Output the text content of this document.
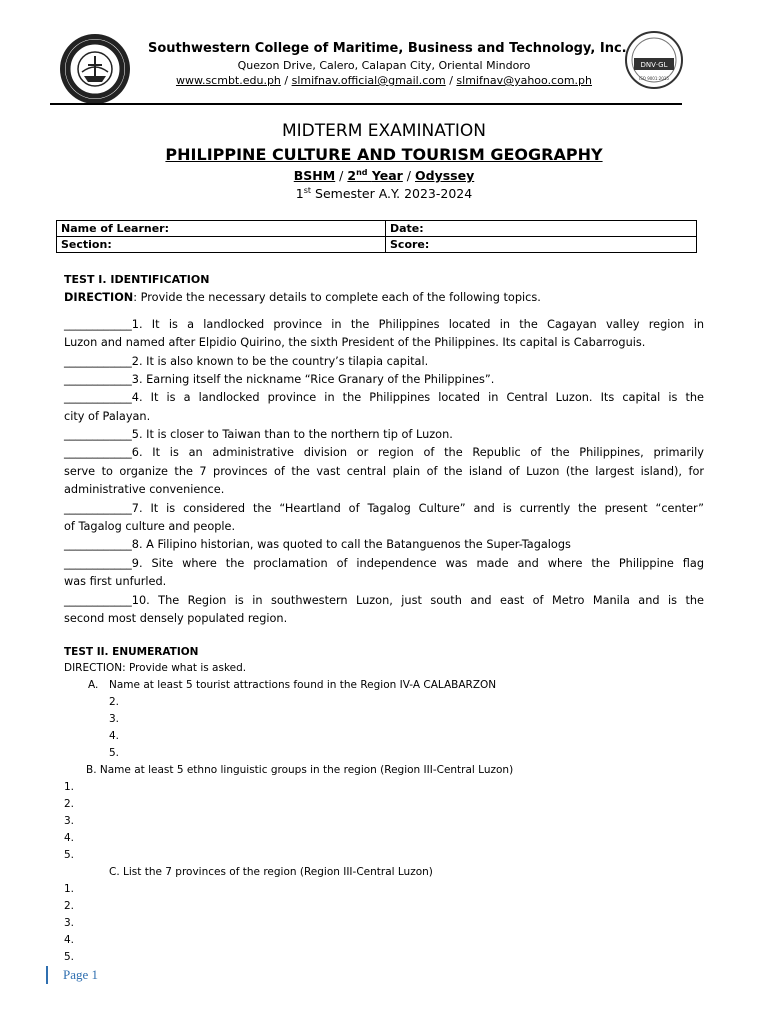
Southwestern College of Maritime, Business and Technology, Inc.
Quezon Drive, Calero, Calapan City, Oriental Mindoro
www.scmbt.edu.ph / slmifnav.official@gmail.com / slmifnav@yahoo.com.ph
DNV·GL
ISO 9001:2015
MIDTERM EXAMINATION
PHILIPPINE CULTURE AND TOURISM GEOGRAPHY
BSHM / 2nd Year / Odyssey
1st Semester A.Y. 2023-2024
Name of Learner:	Date:
Section:	Score:
TEST I. IDENTIFICATION
DIRECTION: Provide the necessary details to complete each of the following topics.
____________1. It is a landlocked province in the Philippines located in the Cagayan valley region in
Luzon and named after Elpidio Quirino, the sixth President of the Philippines. Its capital is Cabarroguis.
____________2. It is also known to be the country’s tilapia capital.
____________3. Earning itself the nickname “Rice Granary of the Philippines”.
____________4. It is a landlocked province in the Philippines located in Central Luzon. Its capital is the
city of Palayan.
____________5. It is closer to Taiwan than to the northern tip of Luzon.
____________6. It is an administrative division or region of the Republic of the Philippines, primarily
serve to organize the 7 provinces of the vast central plain of the island of Luzon (the largest island), for
administrative convenience.
____________7. It is considered the “Heartland of Tagalog Culture” and is currently the present “center”
of Tagalog culture and people.
____________8. A Filipino historian, was quoted to call the Batanguenos the Super-Tagalogs
____________9. Site where the proclamation of independence was made and where the Philippine flag
was first unfurled.
____________10. The Region is in southwestern Luzon, just south and east of Metro Manila and is the
second most densely populated region.
TEST II. ENUMERATION
DIRECTION: Provide what is asked.
A. Name at least 5 tourist attractions found in the Region IV-A CALABARZON
2.
3.
4.
5.
B. Name at least 5 ethno linguistic groups in the region (Region III-Central Luzon)
1.
2.
3.
4.
5.
C. List the 7 provinces of the region (Region III-Central Luzon)
1.
2.
3.
4.
5.
Page 1
